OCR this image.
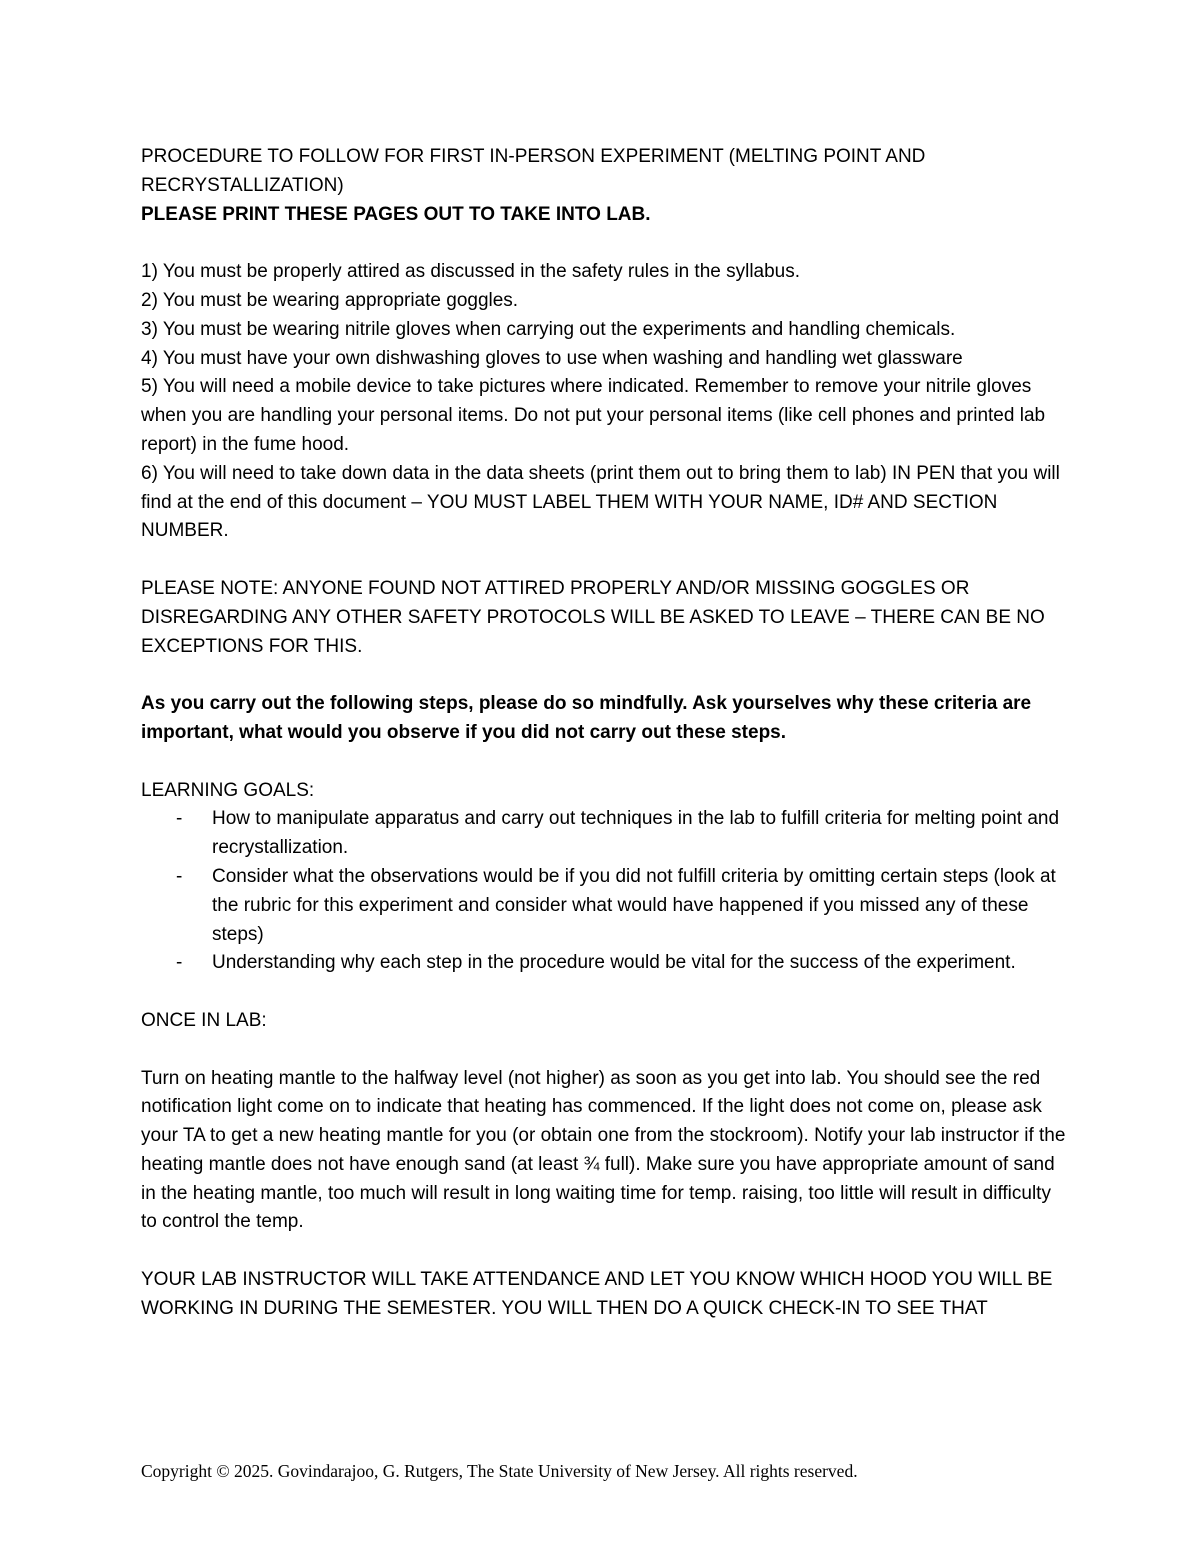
PROCEDURE TO FOLLOW FOR FIRST IN-PERSON EXPERIMENT (MELTING POINT AND RECRYSTALLIZATION)

PLEASE PRINT THESE PAGES OUT TO TAKE INTO LAB.

1) You must be properly attired as discussed in the safety rules in the syllabus.

2) You must be wearing appropriate goggles.

3) You must be wearing nitrile gloves when carrying out the experiments and handling chemicals.

4) You must have your own dishwashing gloves to use when washing and handling wet glassware

5) You will need a mobile device to take pictures where indicated. Remember to remove your nitrile gloves when you are handling your personal items. Do not put your personal items (like cell phones and printed lab report) in the fume hood.

6) You will need to take down data in the data sheets (print them out to bring them to lab) IN PEN that you will find at the end of this document – YOU MUST LABEL THEM WITH YOUR NAME, ID# AND SECTION NUMBER.

PLEASE NOTE: ANYONE FOUND NOT ATTIRED PROPERLY AND/OR MISSING GOGGLES OR DISREGARDING ANY OTHER SAFETY PROTOCOLS WILL BE ASKED TO LEAVE – THERE CAN BE NO EXCEPTIONS FOR THIS.

As you carry out the following steps, please do so mindfully. Ask yourselves why these criteria are important, what would you observe if you did not carry out these steps.

LEARNING GOALS:

- How to manipulate apparatus and carry out techniques in the lab to fulfill criteria for melting point and recrystallization.
- Consider what the observations would be if you did not fulfill criteria by omitting certain steps (look at the rubric for this experiment and consider what would have happened if you missed any of these steps)
- Understanding why each step in the procedure would be vital for the success of the experiment.

ONCE IN LAB:

Turn on heating mantle to the halfway level (not higher) as soon as you get into lab. You should see the red notification light come on to indicate that heating has commenced. If the light does not come on, please ask your TA to get a new heating mantle for you (or obtain one from the stockroom). Notify your lab instructor if the heating mantle does not have enough sand (at least ¾ full). Make sure you have appropriate amount of sand in the heating mantle, too much will result in long waiting time for temp. raising, too little will result in difficulty to control the temp.

YOUR LAB INSTRUCTOR WILL TAKE ATTENDANCE AND LET YOU KNOW WHICH HOOD YOU WILL BE WORKING IN DURING THE SEMESTER. YOU WILL THEN DO A QUICK CHECK-IN TO SEE THAT

Copyright © 2025. Govindarajoo, G. Rutgers, The State University of New Jersey. All rights reserved.
